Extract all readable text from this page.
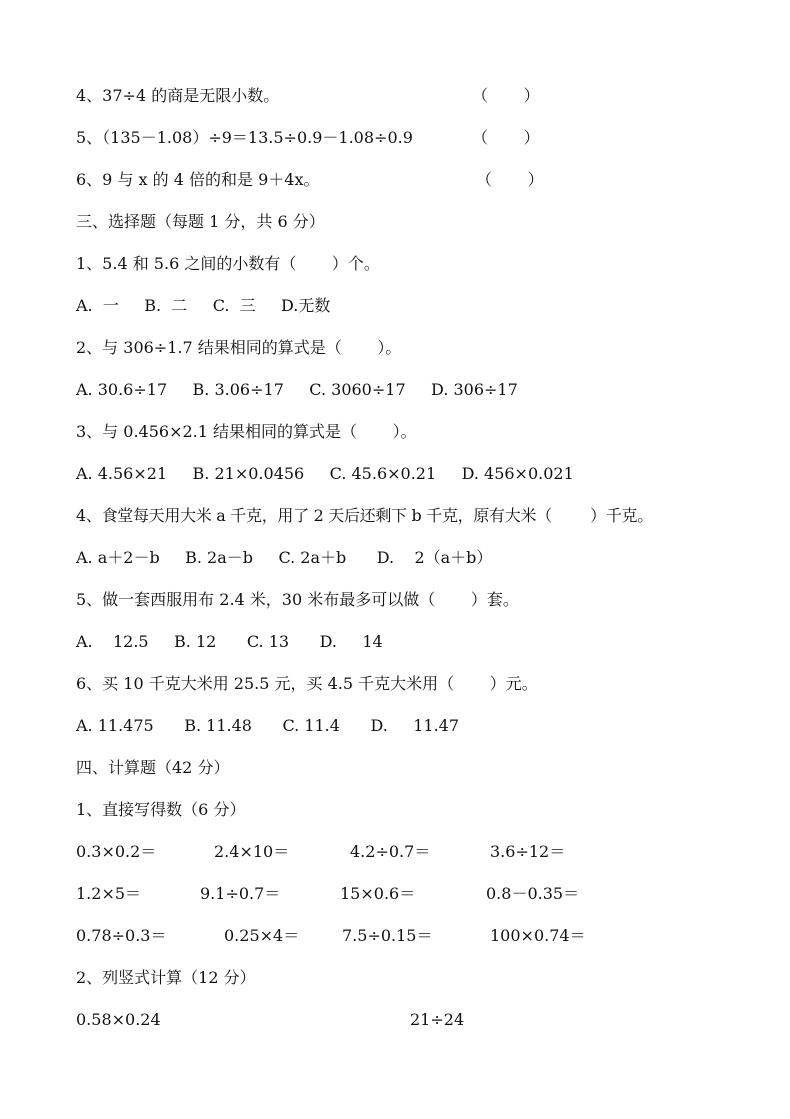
4、37÷4 的商是无限小数。	（       ）
5、（135－1.08）÷9＝13.5÷0.9－1.08÷0.9	（       ）
6、9 与 x 的 4 倍的和是 9＋4x。	（       ）
三、选择题（每题 1 分，共 6 分）
1、5.4 和 5.6 之间的小数有（       ）个。
A.  一     B.  二     C.  三     D.无数
2、与 306÷1.7 结果相同的算式是（       ）。
A. 30.6÷17     B. 3.06÷17     C. 3060÷17     D. 306÷17
3、与 0.456×2.1 结果相同的算式是（       ）。
A. 4.56×21     B. 21×0.0456     C. 45.6×0.21     D. 456×0.021
4、食堂每天用大米 a 千克，用了 2 天后还剩下 b 千克，原有大米（        ）千克。
A. a＋2－b     B. 2a－b     C. 2a＋b      D.    2（a＋b）
5、做一套西服用布 2.4 米，30 米布最多可以做（       ）套。
A.    12.5     B. 12      C. 13      D.     14
6、买 10 千克大米用 25.5 元，买 4.5 千克大米用（       ）元。
A. 11.475      B. 11.48      C. 11.4      D.     11.47
四、计算题（42 分）
1、直接写得数（6 分）
0.3×0.2＝	2.4×10＝	4.2÷0.7＝	3.6÷12＝
1.2×5＝	9.1÷0.7＝	15×0.6＝	0.8－0.35＝
0.78÷0.3＝	0.25×4＝	7.5÷0.15＝	100×0.74＝
2、列竖式计算（12 分）
0.58×0.24	21÷24
